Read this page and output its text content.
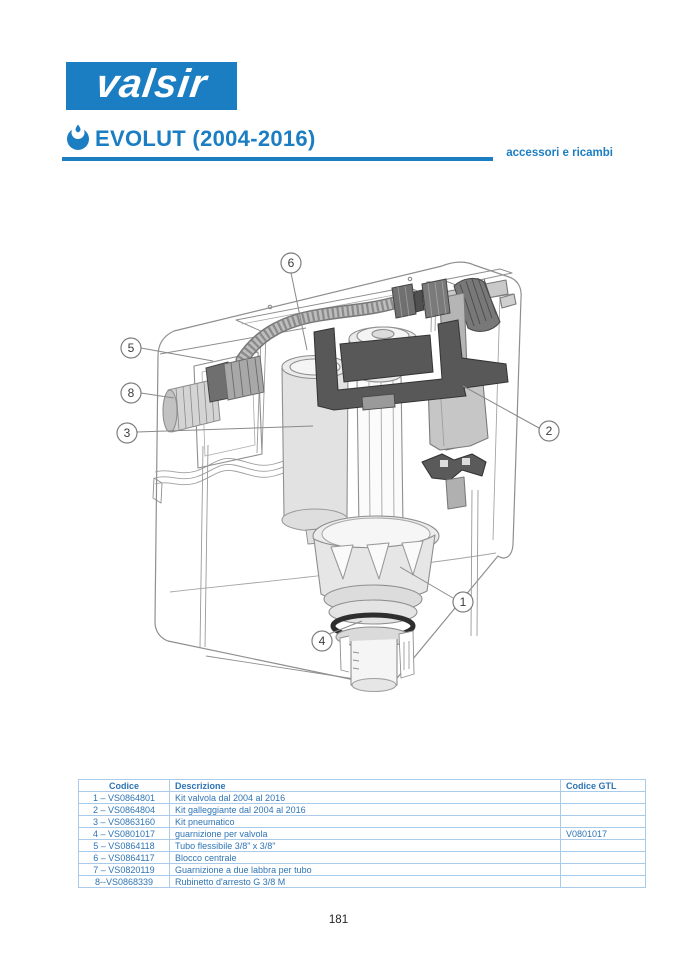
valsir
EVOLUT (2004-2016)
accessori e ricambi
6
5
8
3	2
1
4
Codice	Descrizione	Codice GTL
1 – VS0864801	Kit valvola dal 2004 al 2016	
2 – VS0864804	Kit galleggiante dal 2004 al 2016	
3 – VS0863160	Kit pneumatico	
4 – VS0801017	guarnizione per valvola	V0801017
5 – VS0864118	Tubo flessibile 3/8” x 3/8”	
6 – VS0864117	Blocco centrale	
7 – VS0820119	Guarnizione a due labbra per tubo	
8--VS0868339	Rubinetto d'arresto G 3/8 M	
181
